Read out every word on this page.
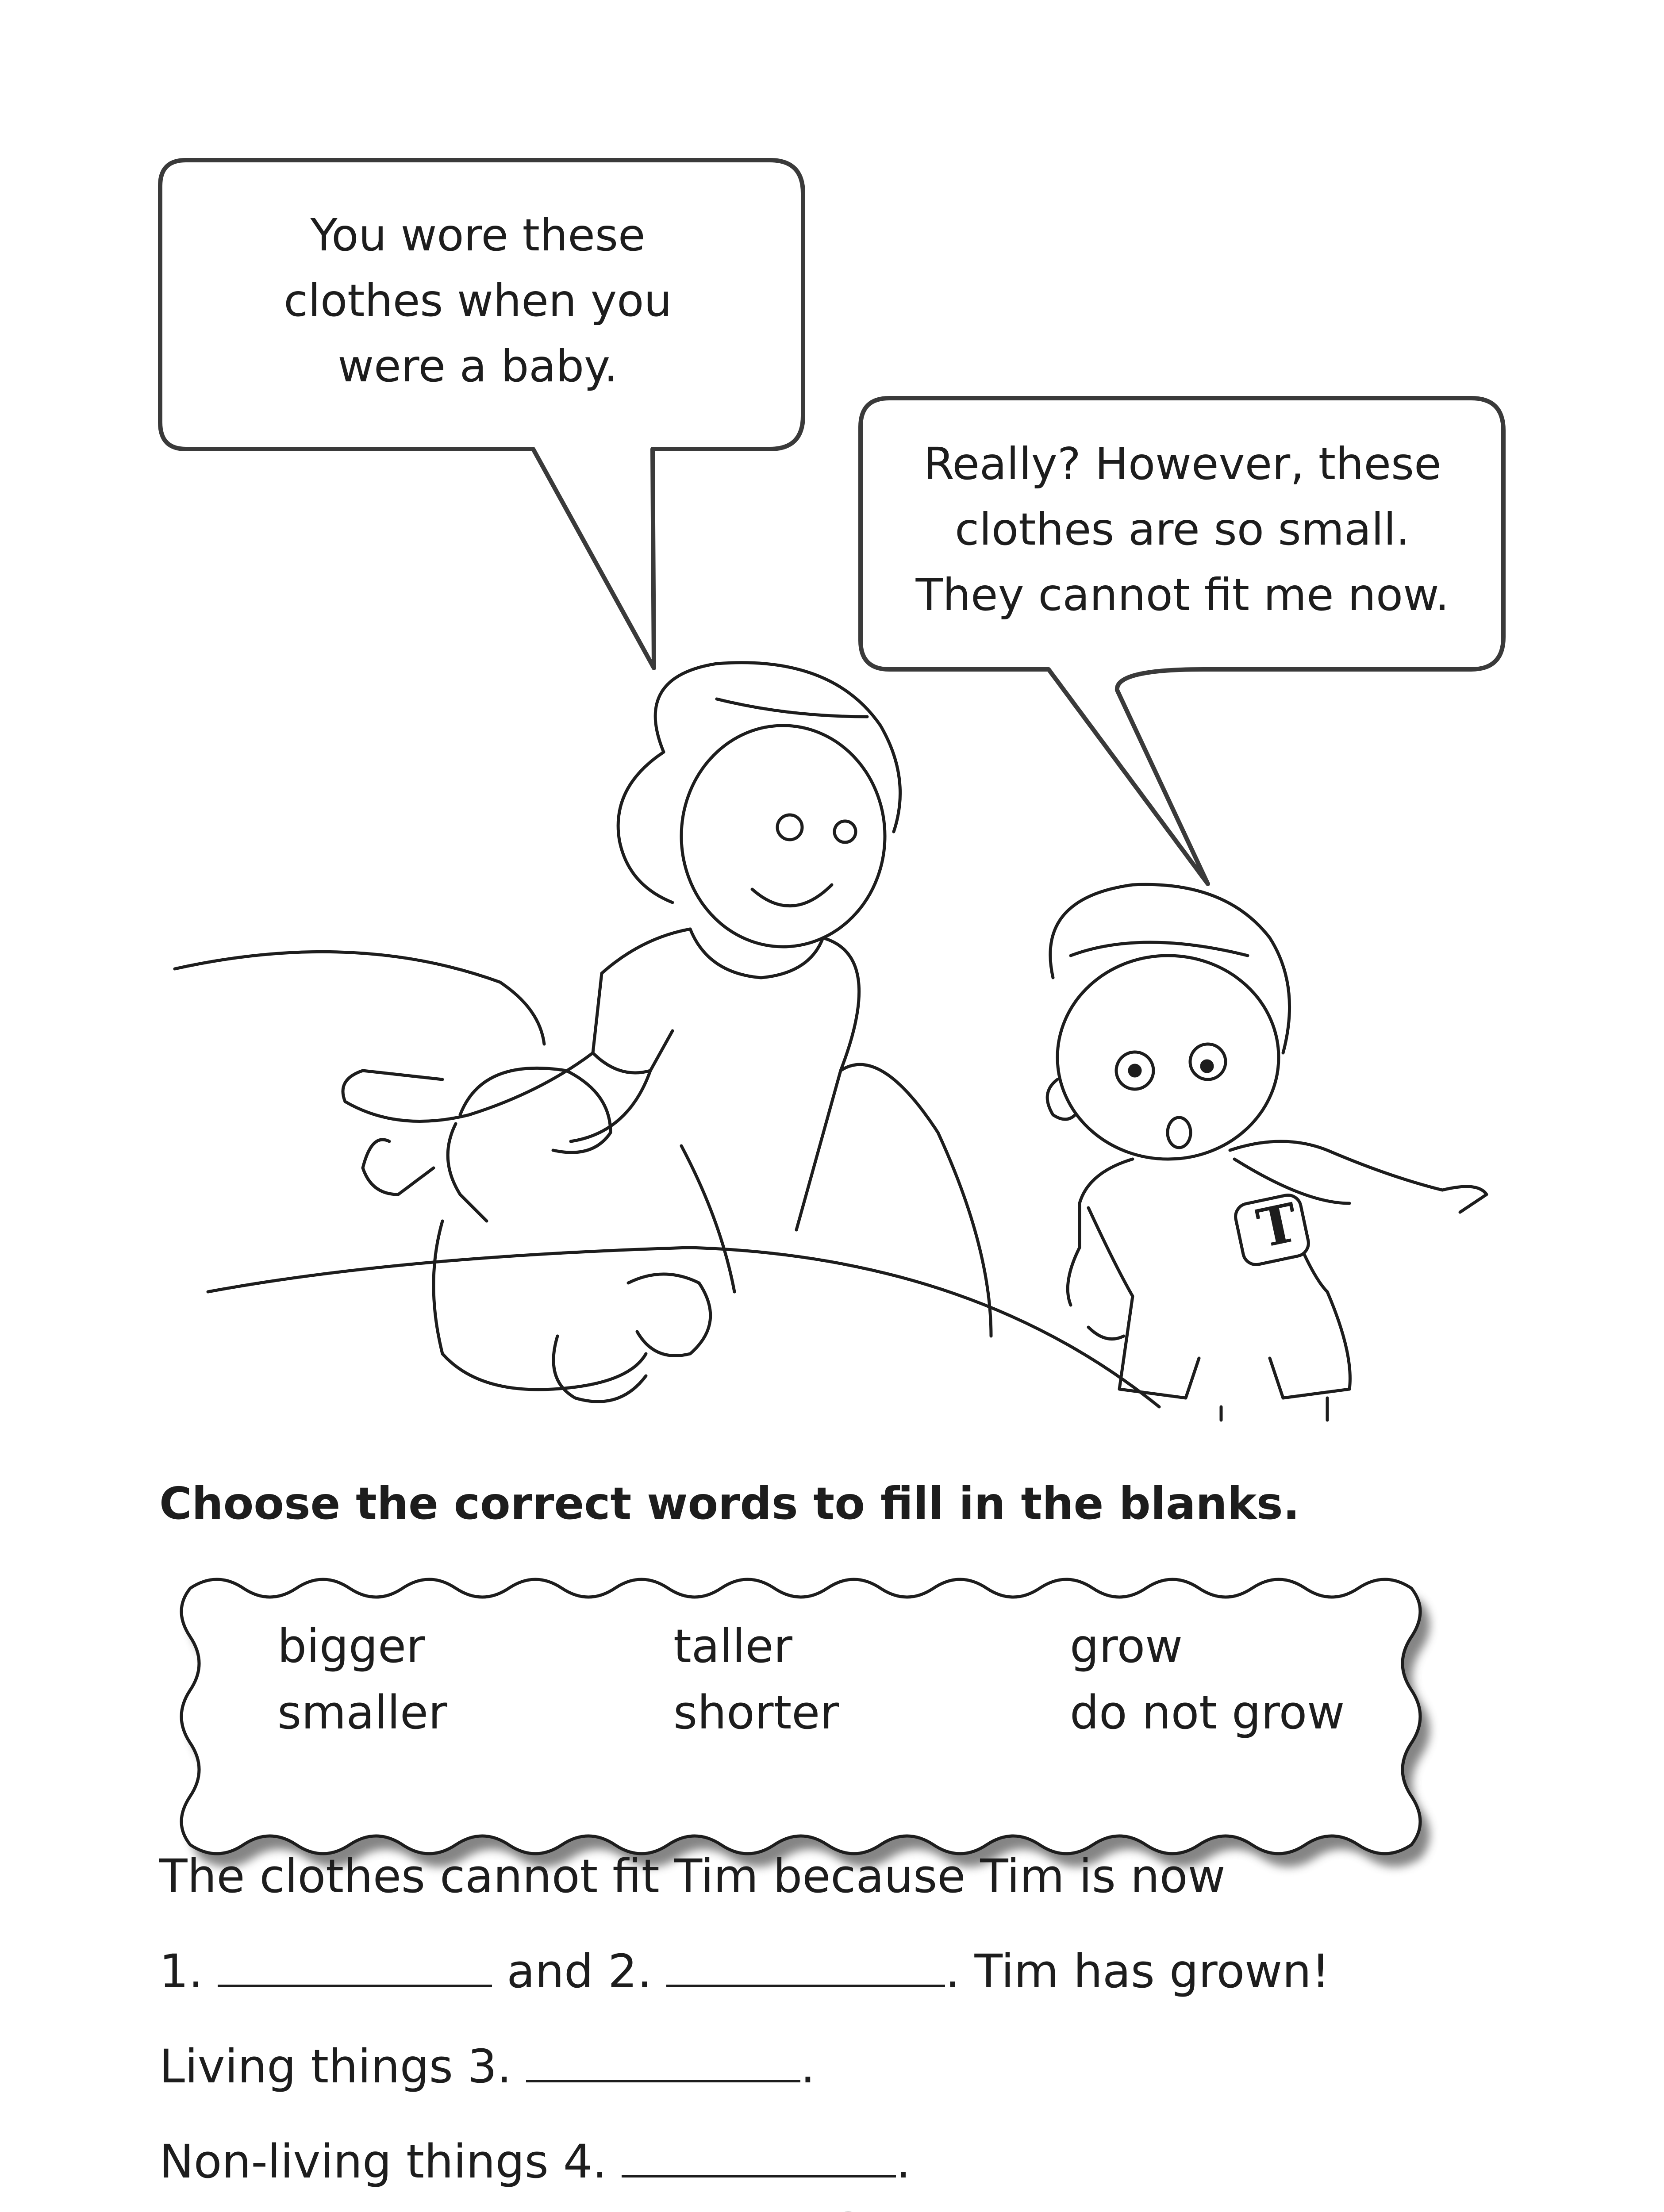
You wore these
clothes when you
were a baby.
Really? However, these
clothes are so small.
They cannot fit me now.
T
Choose the correct words to fill in the blanks.
bigger	taller	grow
smaller	shorter	do not grow
The clothes cannot fit Tim because Tim is now
1.	and 2.	. Tim has grown!
Living things 3.	.
Non-living things 4.	.
